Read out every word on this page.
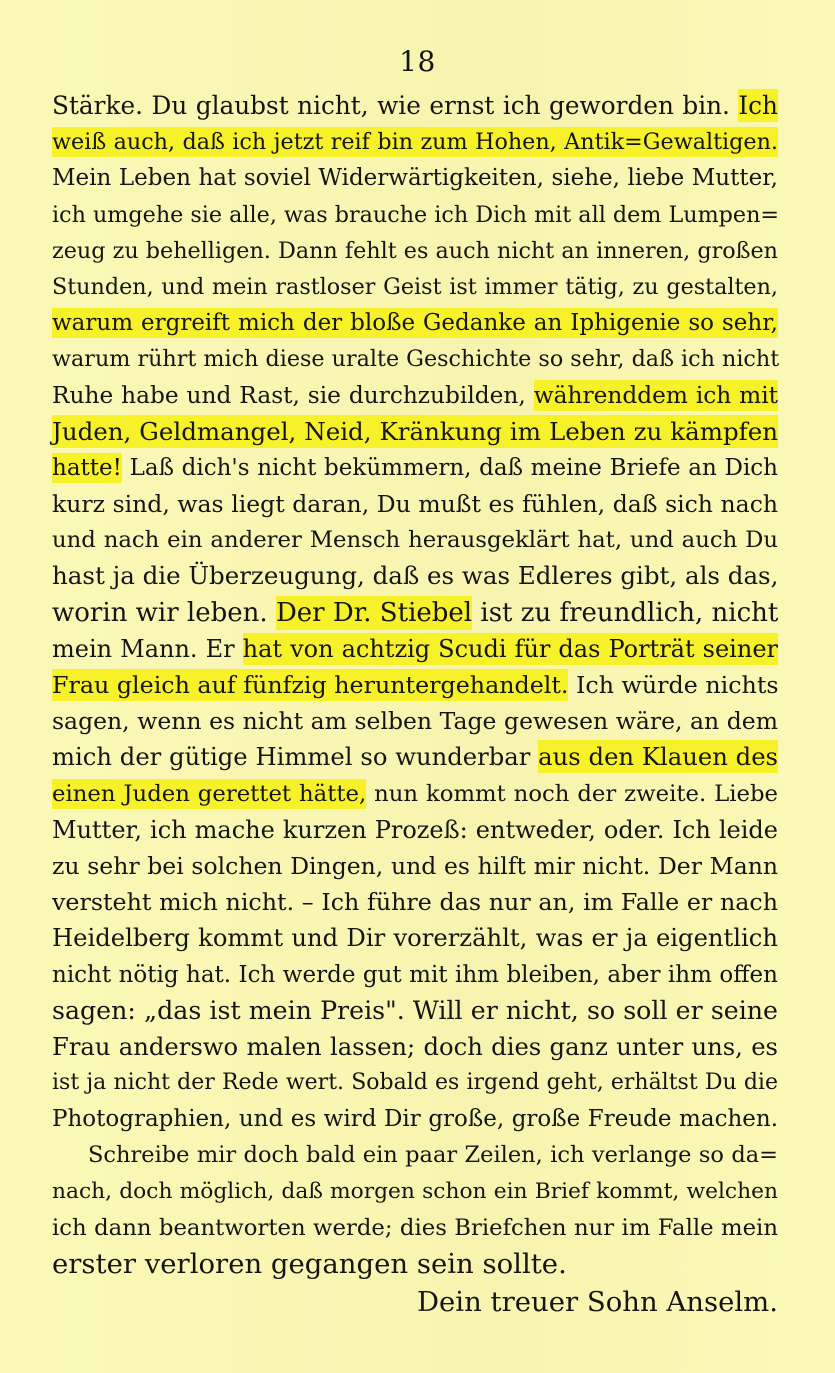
18
Stärke. Du glaubst nicht, wie ernst ich geworden bin. Ich
weiß auch, daß ich jetzt reif bin zum Hohen, Antik=Gewaltigen.
Mein Leben hat soviel Widerwärtigkeiten, siehe, liebe Mutter,
ich umgehe sie alle, was brauche ich Dich mit all dem Lumpen=
zeug zu behelligen. Dann fehlt es auch nicht an inneren, großen
Stunden, und mein rastloser Geist ist immer tätig, zu gestalten,
warum ergreift mich der bloße Gedanke an Iphigenie so sehr,
warum rührt mich diese uralte Geschichte so sehr, daß ich nicht
Ruhe habe und Rast, sie durchzubilden, währenddem ich mit
Juden, Geldmangel, Neid, Kränkung im Leben zu kämpfen
hatte! Laß dich's nicht bekümmern, daß meine Briefe an Dich
kurz sind, was liegt daran, Du mußt es fühlen, daß sich nach
und nach ein anderer Mensch herausgeklärt hat, und auch Du
hast ja die Überzeugung, daß es was Edleres gibt, als das,
worin wir leben. Der Dr. Stiebel ist zu freundlich, nicht
mein Mann. Er hat von achtzig Scudi für das Porträt seiner
Frau gleich auf fünfzig heruntergehandelt. Ich würde nichts
sagen, wenn es nicht am selben Tage gewesen wäre, an dem
mich der gütige Himmel so wunderbar aus den Klauen des
einen Juden gerettet hätte, nun kommt noch der zweite. Liebe
Mutter, ich mache kurzen Prozeß: entweder, oder. Ich leide
zu sehr bei solchen Dingen, und es hilft mir nicht. Der Mann
versteht mich nicht. – Ich führe das nur an, im Falle er nach
Heidelberg kommt und Dir vorerzählt, was er ja eigentlich
nicht nötig hat. Ich werde gut mit ihm bleiben, aber ihm offen
sagen: „das ist mein Preis". Will er nicht, so soll er seine
Frau anderswo malen lassen; doch dies ganz unter uns, es
ist ja nicht der Rede wert. Sobald es irgend geht, erhältst Du die
Photographien, und es wird Dir große, große Freude machen.
Schreibe mir doch bald ein paar Zeilen, ich verlange so da=
nach, doch möglich, daß morgen schon ein Brief kommt, welchen
ich dann beantworten werde; dies Briefchen nur im Falle mein
erster verloren gegangen sein sollte.
Dein treuer Sohn Anselm.
